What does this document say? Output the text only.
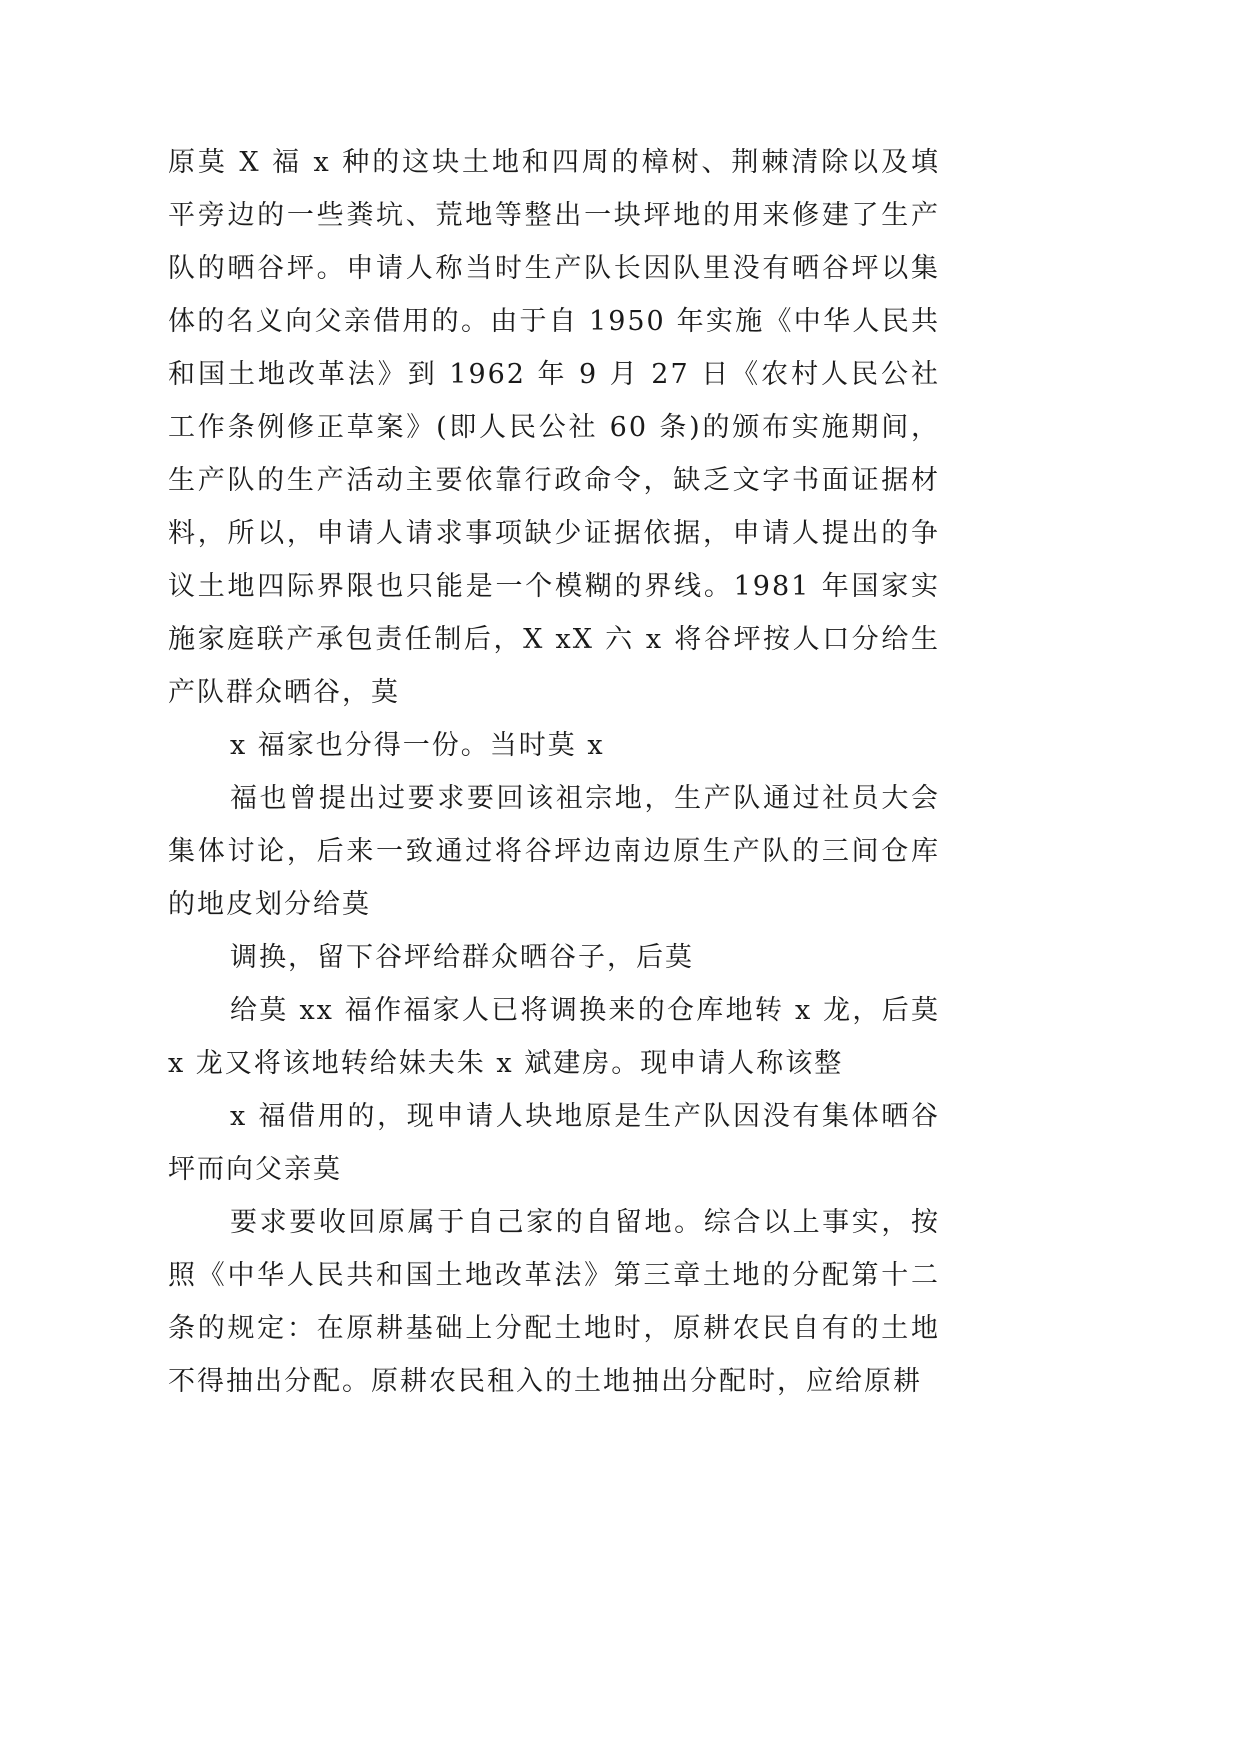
原莫 X 福 x 种的这块土地和四周的樟树、荆棘清除以及填平旁边的一些粪坑、荒地等整出一块坪地的用来修建了生产队的晒谷坪。申请人称当时生产队长因队里没有晒谷坪以集体的名义向父亲借用的。由于自 1950 年实施《中华人民共和国土地改革法》到 1962 年 9 月 27 日《农村人民公社工作条例修正草案》(即人民公社 60 条)的颁布实施期间，生产队的生产活动主要依靠行政命令，缺乏文字书面证据材料，所以，申请人请求事项缺少证据依据，申请人提出的争议土地四际界限也只能是一个模糊的界线。1981 年国家实施家庭联产承包责任制后，X xX 六 x 将谷坪按人口分给生产队群众晒谷，莫

x 福家也分得一份。当时莫 x

福也曾提出过要求要回该祖宗地，生产队通过社员大会集体讨论，后来一致通过将谷坪边南边原生产队的三间仓库的地皮划分给莫

调换，留下谷坪给群众晒谷子，后莫

给莫 xx 福作福家人已将调换来的仓库地转 x 龙，后莫 x 龙又将该地转给妹夫朱 x 斌建房。现申请人称该整

x 福借用的，现申请人块地原是生产队因没有集体晒谷坪而向父亲莫

要求要收回原属于自己家的自留地。综合以上事实，按照《中华人民共和国土地改革法》第三章土地的分配第十二条的规定：在原耕基础上分配土地时，原耕农民自有的土地不得抽出分配。原耕农民租入的土地抽出分配时，应给原耕
